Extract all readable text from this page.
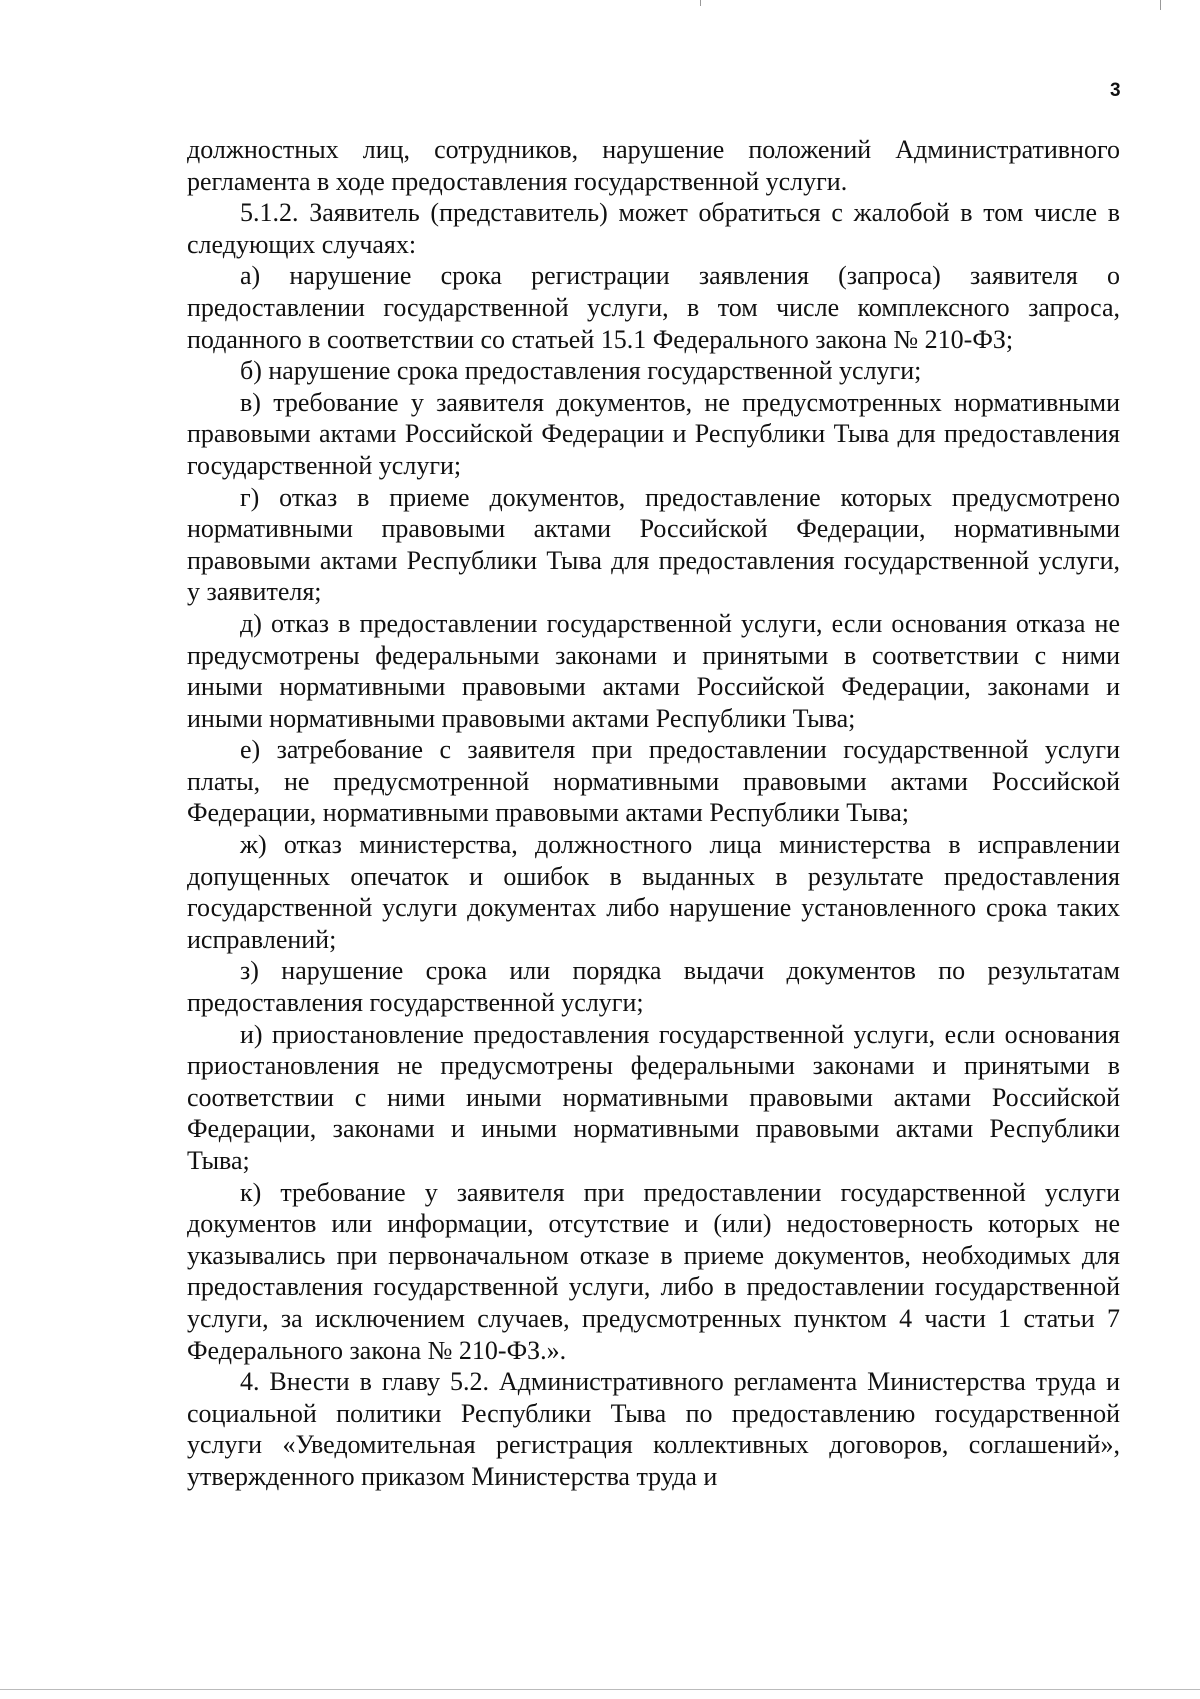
3

должностных лиц, сотрудников, нарушение положений Административного регламента в ходе предоставления государственной услуги.

5.1.2. Заявитель (представитель) может обратиться с жалобой в том числе в следующих случаях:

а) нарушение срока регистрации заявления (запроса) заявителя о предоставлении государственной услуги, в том числе комплексного запроса, поданного в соответствии со статьей 15.1 Федерального закона № 210-ФЗ;

б) нарушение срока предоставления государственной услуги;

в) требование у заявителя документов, не предусмотренных нормативными правовыми актами Российской Федерации и Республики Тыва для предоставления государственной услуги;

г) отказ в приеме документов, предоставление которых предусмотрено нормативными правовыми актами Российской Федерации, нормативными правовыми актами Республики Тыва для предоставления государственной услуги, у заявителя;

д) отказ в предоставлении государственной услуги, если основания отказа не предусмотрены федеральными законами и принятыми в соответствии с ними иными нормативными правовыми актами Российской Федерации, законами и иными нормативными правовыми актами Республики Тыва;

е) затребование с заявителя при предоставлении государственной услуги платы, не предусмотренной нормативными правовыми актами Российской Федерации, нормативными правовыми актами Республики Тыва;

ж) отказ министерства, должностного лица министерства в исправлении допущенных опечаток и ошибок в выданных в результате предоставления государственной услуги документах либо нарушение установленного срока таких исправлений;

з) нарушение срока или порядка выдачи документов по результатам предоставления государственной услуги;

и) приостановление предоставления государственной услуги, если основания приостановления не предусмотрены федеральными законами и принятыми в соответствии с ними иными нормативными правовыми актами Российской Федерации, законами и иными нормативными правовыми актами Республики Тыва;

к) требование у заявителя при предоставлении государственной услуги документов или информации, отсутствие и (или) недостоверность которых не указывались при первоначальном отказе в приеме документов, необходимых для предоставления государственной услуги, либо в предоставлении государственной услуги, за исключением случаев, предусмотренных пунктом 4 части 1 статьи 7 Федерального закона № 210-ФЗ.».

4. Внести в главу 5.2. Административного регламента Министерства труда и социальной политики Республики Тыва по предоставлению государственной услуги «Уведомительная регистрация коллективных договоров, соглашений», утвержденного приказом Министерства труда и
